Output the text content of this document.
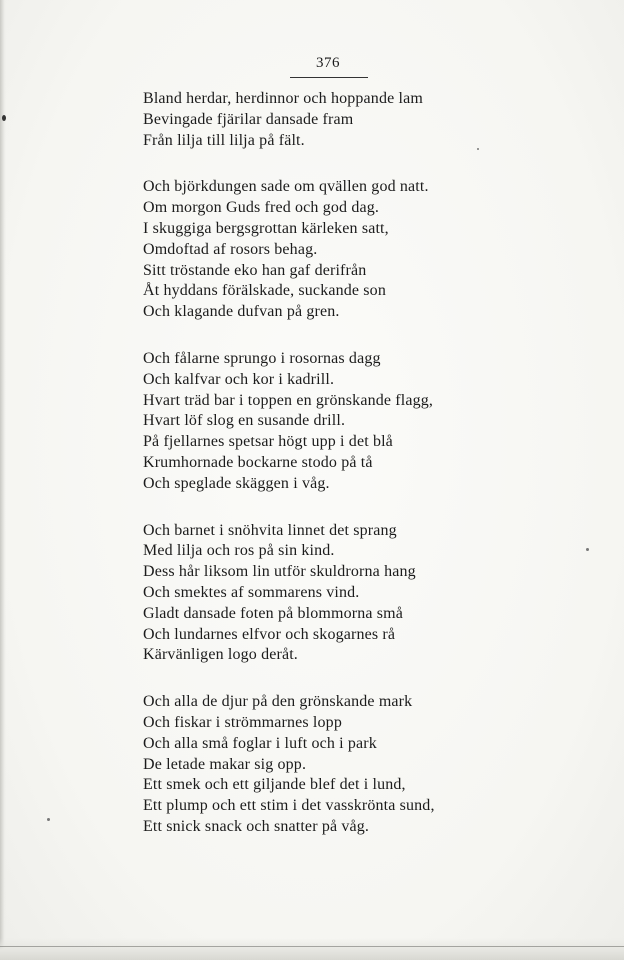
376
Bland herdar, herdinnor och hoppande lam
Bevingade fjärilar dansade fram
Från lilja till lilja på fält.
Och björkdungen sade om qvällen god natt.
Om morgon Guds fred och god dag.
I skuggiga bergsgrottan kärleken satt,
Omdoftad af rosors behag.
Sitt tröstande eko han gaf derifrån
Åt hyddans förälskade, suckande son
Och klagande dufvan på gren.
Och fålarne sprungo i rosornas dagg
Och kalfvar och kor i kadrill.
Hvart träd bar i toppen en grönskande flagg,
Hvart löf slog en susande drill.
På fjellarnes spetsar högt upp i det blå
Krumhornade bockarne stodo på tå
Och speglade skäggen i våg.
Och barnet i snöhvita linnet det sprang
Med lilja och ros på sin kind.
Dess hår liksom lin utför skuldrorna hang
Och smektes af sommarens vind.
Gladt dansade foten på blommorna små
Och lundarnes elfvor och skogarnes rå
Kärvänligen logo deråt.
Och alla de djur på den grönskande mark
Och fiskar i strömmarnes lopp
Och alla små foglar i luft och i park
De letade makar sig opp.
Ett smek och ett giljande blef det i lund,
Ett plump och ett stim i det vasskrönta sund,
Ett snick snack och snatter på våg.
